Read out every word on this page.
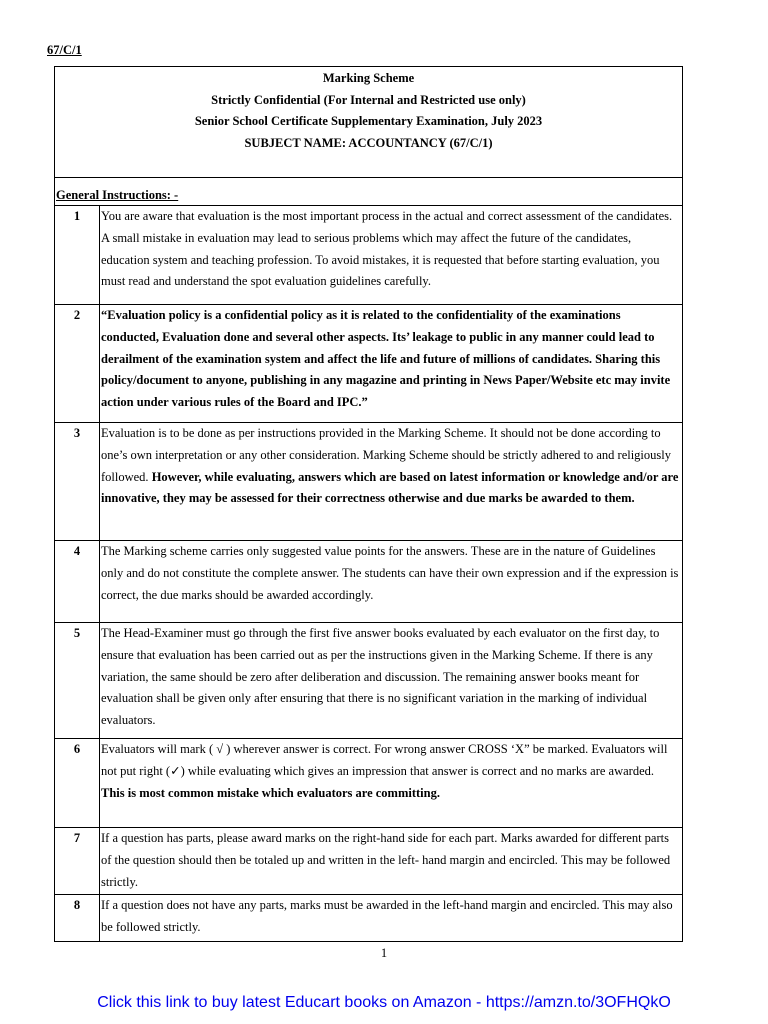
67/C/1
Marking Scheme
Strictly Confidential (For Internal and Restricted use only)
Senior School Certificate Supplementary Examination, July 2023
SUBJECT NAME: ACCOUNTANCY (67/C/1)
General Instructions: -
1	You are aware that evaluation is the most important process in the actual and correct assessment of the candidates. A small mistake in evaluation may lead to serious problems which may affect the future of the candidates, education system and teaching profession. To avoid mistakes, it is requested that before starting evaluation, you must read and understand the spot evaluation guidelines carefully.
2	“Evaluation policy is a confidential policy as it is related to the confidentiality of the examinations conducted, Evaluation done and several other aspects. Its’ leakage to public in any manner could lead to derailment of the examination system and affect the life and future of millions of candidates. Sharing this policy/document to anyone, publishing in any magazine and printing in News Paper/Website etc may invite action under various rules of the Board and IPC.”
3	Evaluation is to be done as per instructions provided in the Marking Scheme. It should not be done according to one’s own interpretation or any other consideration. Marking Scheme should be strictly adhered to and religiously followed. However, while evaluating, answers which are based on latest information or knowledge and/or are innovative, they may be assessed for their correctness otherwise and due marks be awarded to them.
4	The Marking scheme carries only suggested value points for the answers. These are in the nature of Guidelines only and do not constitute the complete answer. The students can have their own expression and if the expression is correct, the due marks should be awarded accordingly.
5	The Head-Examiner must go through the first five answer books evaluated by each evaluator on the first day, to ensure that evaluation has been carried out as per the instructions given in the Marking Scheme. If there is any variation, the same should be zero after deliberation and discussion. The remaining answer books meant for evaluation shall be given only after ensuring that there is no significant variation in the marking of individual evaluators.
6	Evaluators will mark ( √ ) wherever answer is correct. For wrong answer CROSS ‘X” be marked. Evaluators will not put right (✓) while evaluating which gives an impression that answer is correct and no marks are awarded. This is most common mistake which evaluators are committing.
7	If a question has parts, please award marks on the right-hand side for each part. Marks awarded for different parts of the question should then be totaled up and written in the left- hand margin and encircled. This may be followed strictly.
8	If a question does not have any parts, marks must be awarded in the left-hand margin and encircled. This may also be followed strictly.
1
Click this link to buy latest Educart books on Amazon - https://amzn.to/3OFHQkO
